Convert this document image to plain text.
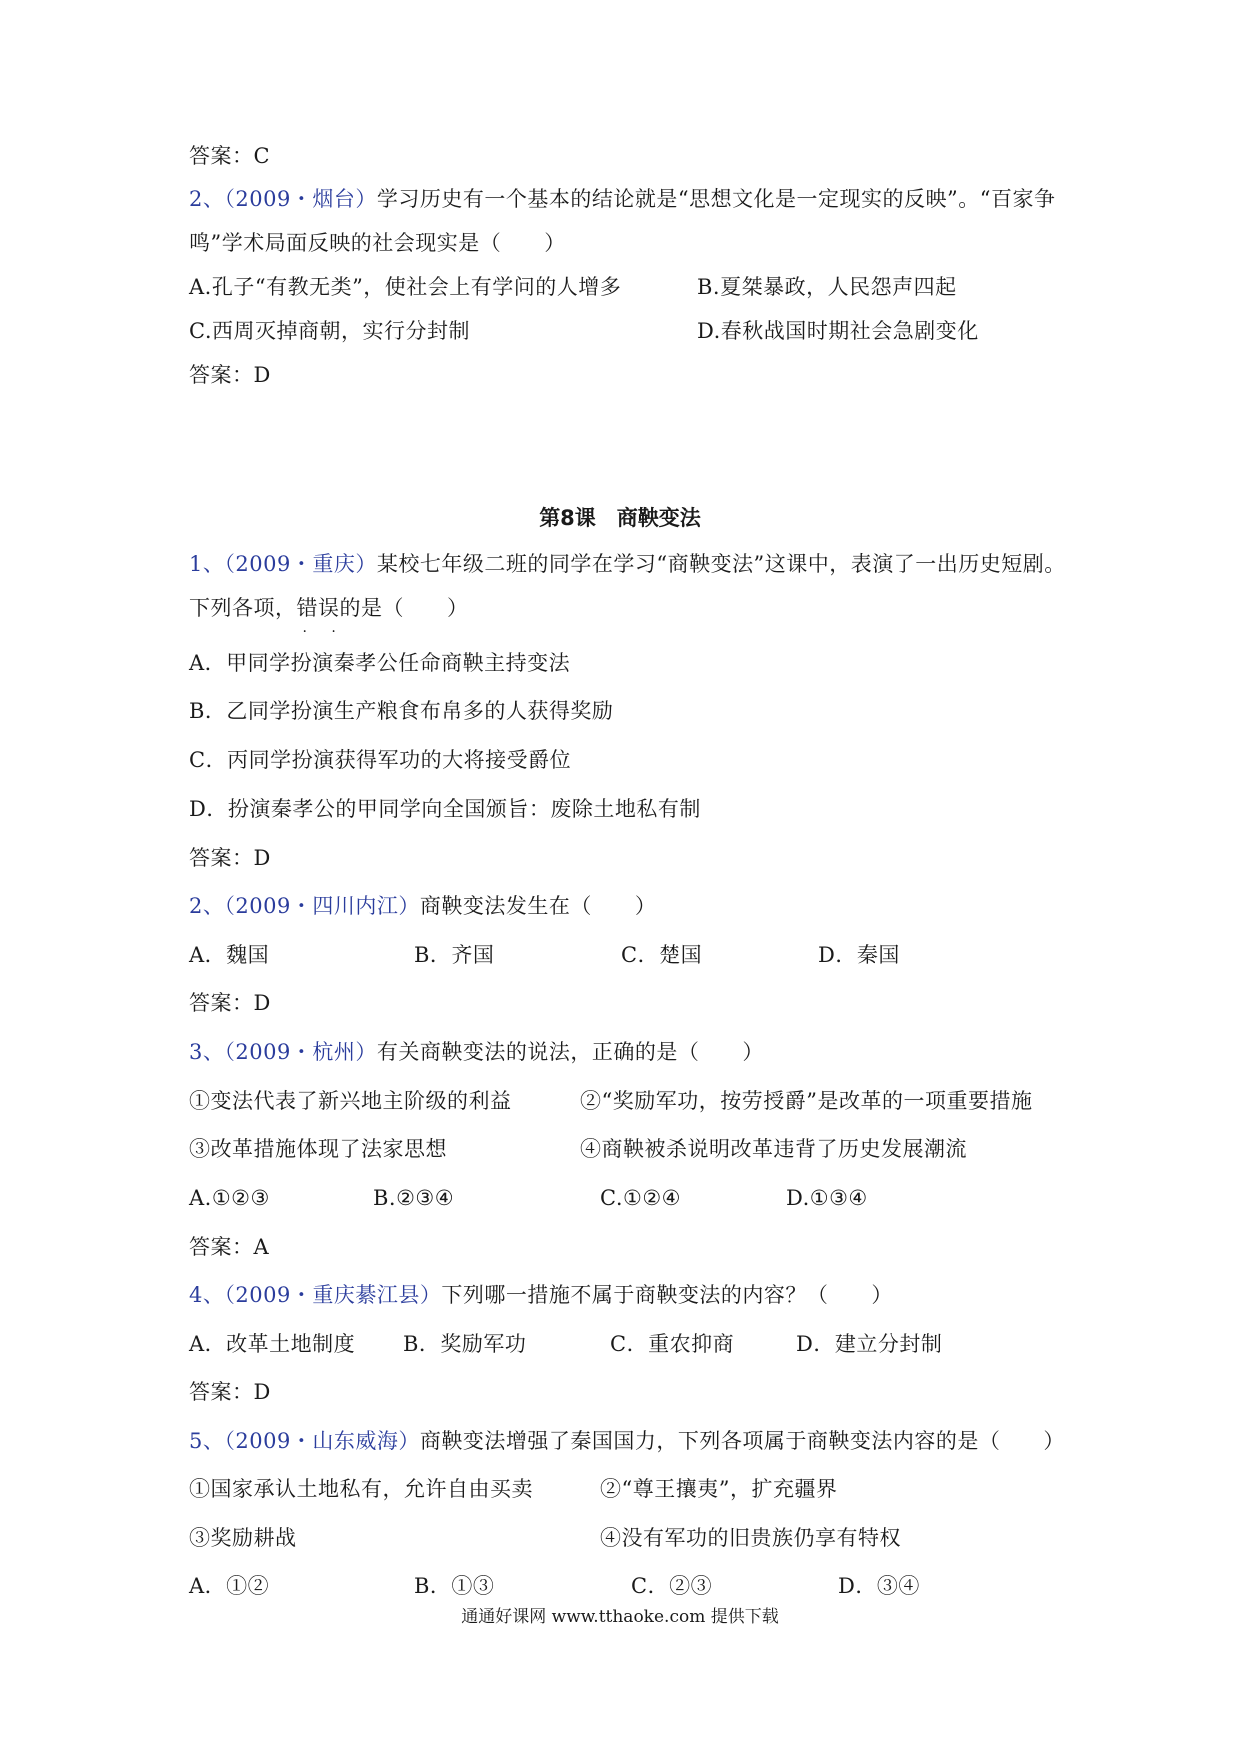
答案：C
2、（2009・烟台）学习历史有一个基本的结论就是“思想文化是一定现实的反映”。“百家争
鸣”学术局面反映的社会现实是（　　）
A.孔子“有教无类”，使社会上有学问的人增多	B.夏桀暴政，人民怨声四起
C.西周灭掉商朝，实行分封制	D.春秋战国时期社会急剧变化
答案：D
第8课　商鞅变法
1、（2009・重庆）某校七年级二班的同学在学习“商鞅变法”这课中，表演了一出历史短剧。
下列各项，错误 · ·的是（　　）
A．甲同学扮演秦孝公任命商鞅主持变法
B．乙同学扮演生产粮食布帛多的人获得奖励
C．丙同学扮演获得军功的大将接受爵位
D．扮演秦孝公的甲同学向全国颁旨：废除土地私有制
答案：D
2、（2009・四川内江）商鞅变法发生在（　　）
A．魏国	B．齐国	C．楚国	D．秦国
答案：D
3、（2009・杭州）有关商鞅变法的说法，正确的是（　　）
①变法代表了新兴地主阶级的利益	②“奖励军功，按劳授爵”是改革的一项重要措施
③改革措施体现了法家思想	④商鞅被杀说明改革违背了历史发展潮流
A.①②③	B.②③④	C.①②④	D.①③④
答案：A
4、（2009・重庆綦江县）下列哪一措施不属于商鞅变法的内容？（　　）
A．改革土地制度 B．奖励军功	C．重农抑商	D．建立分封制
答案：D
5、（2009・山东威海）商鞅变法增强了秦国国力，下列各项属于商鞅变法内容的是（　　）
①国家承认土地私有，允许自由买卖	②“尊王攘夷”，扩充疆界
③奖励耕战	④没有军功的旧贵族仍享有特权
A．①②	B．①③	C．②③	D．③④
通通好课网 www.tthaoke.com 提供下载
